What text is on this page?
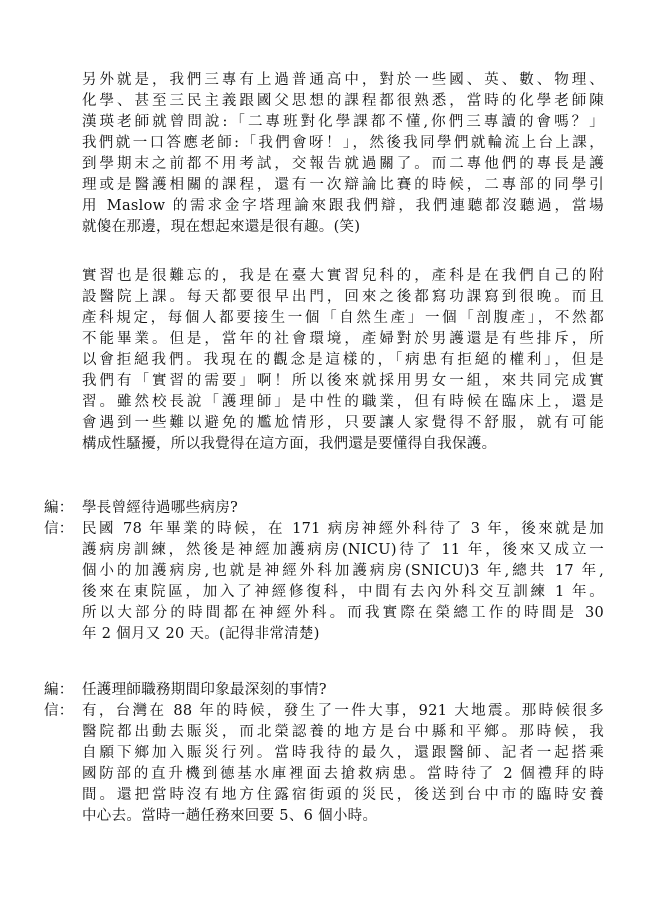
另外就是，我們三專有上過普通高中，對於一些國、英、數、物理、
化學、甚至三民主義跟國父思想的課程都很熟悉，當時的化學老師陳
漢瑛老師就曾問說:「二專班對化學課都不懂,你們三專讀的會嗎？」
我們就一口答應老師:「我們會呀！」，然後我同學們就輪流上台上課，
到學期末之前都不用考試，交報告就過關了。而二專他們的專長是護
理或是醫護相關的課程，還有一次辯論比賽的時候，二專部的同學引
用 Maslow 的需求金字塔理論來跟我們辯，我們連聽都沒聽過，當場
就傻在那邊，現在想起來還是很有趣。(笑)
實習也是很難忘的，我是在臺大實習兒科的，產科是在我們自己的附
設醫院上課。每天都要很早出門，回來之後都寫功課寫到很晚。而且
產科規定，每個人都要接生一個「自然生產」一個「剖腹產」，不然都
不能畢業。但是，當年的社會環境，產婦對於男護還是有些排斥，所
以會拒絕我們。我現在的觀念是這樣的，「病患有拒絕的權利」，但是
我們有「實習的需要」啊！所以後來就採用男女一組，來共同完成實
習。雖然校長說「護理師」是中性的職業，但有時候在臨床上，還是
會遇到一些難以避免的尷尬情形，只要讓人家覺得不舒服，就有可能
構成性騷擾，所以我覺得在這方面，我們還是要懂得自我保護。
編： 學長曾經待過哪些病房?
信： 民國 78 年畢業的時候，在 171 病房神經外科待了 3 年，後來就是加
護病房訓練，然後是神經加護病房(NICU)待了 11 年，後來又成立一
個小的加護病房,也就是神經外科加護病房(SNICU)3 年,總共 17 年,
後來在東院區，加入了神經修復科，中間有去內外科交互訓練 1 年。
所以大部分的時間都在神經外科。而我實際在榮總工作的時間是 30
年 2 個月又 20 天。(記得非常清楚)
編： 任護理師職務期間印象最深刻的事情?
信： 有，台灣在 88 年的時候，發生了一件大事，921 大地震。那時候很多
醫院都出動去賑災，而北榮認養的地方是台中縣和平鄉。那時候，我
自願下鄉加入賑災行列。當時我待的最久，還跟醫師、記者一起搭乘
國防部的直升機到德基水庫裡面去搶救病患。當時待了 2 個禮拜的時
間。還把當時沒有地方住露宿街頭的災民，後送到台中市的臨時安養
中心去。當時一趟任務來回要 5、6 個小時。
